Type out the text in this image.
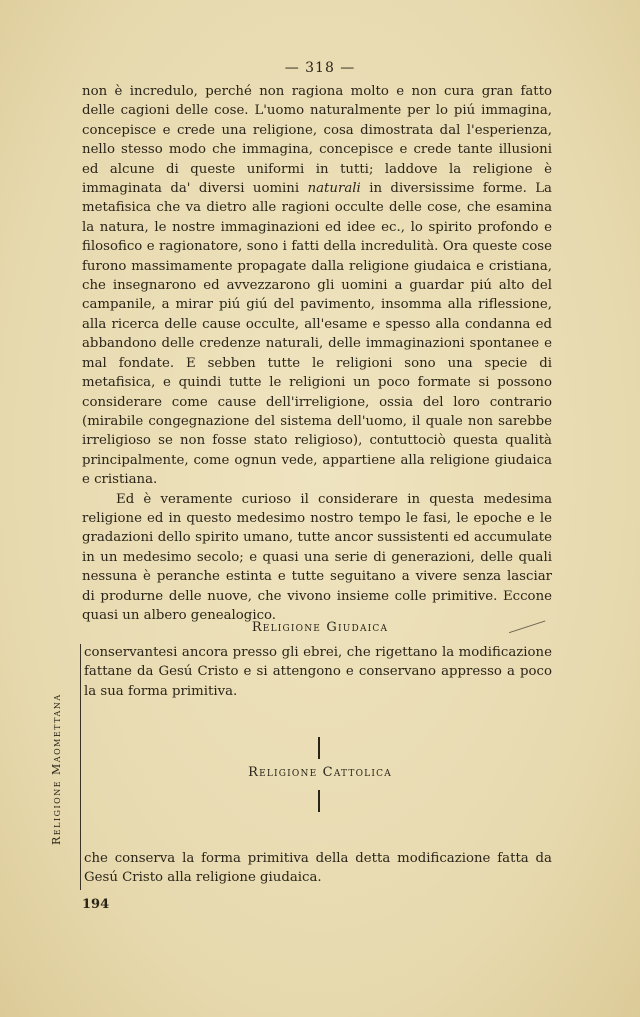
— 318 —

non è incredulo, perché non ragiona molto e non cura gran fatto delle cagioni delle cose. L'uomo naturalmente per lo piú immagina, concepisce e crede una religione, cosa dimostrata dal l'esperienza, nello stesso modo che immagina, concepisce e crede tante illusioni ed alcune di queste uniformi in tutti; laddove la religione è immaginata da' diversi uomini naturali in diversissime forme. La metafisica che va dietro alle ragioni occulte delle cose, che esamina la natura, le nostre immaginazioni ed idee ec., lo spirito profondo e filosofico e ragionatore, sono i fatti della incredulità. Ora queste cose furono massimamente propagate dalla religione giudaica e cristiana, che insegnarono ed avvezzarono gli uomini a guardar piú alto del campanile, a mirar piú giú del pavimento, insomma alla riflessione, alla ricerca delle cause occulte, all'esame e spesso alla condanna ed abbandono delle credenze naturali, delle immaginazioni spontanee e mal fondate. E sebben tutte le religioni sono una specie di metafisica, e quindi tutte le religioni un poco formate si possono considerare come cause dell'irreligione, ossia del loro contrario (mirabile congegnazione del sistema dell'uomo, il quale non sarebbe irreligioso se non fosse stato religioso), contuttociò questa qualità principalmente, come ognun vede, appartiene alla religione giudaica e cristiana.

Ed è veramente curioso il considerare in questa medesima religione ed in questo medesimo nostro tempo le fasi, le epoche e le gradazioni dello spirito umano, tutte ancor sussistenti ed accumulate in un medesimo secolo; e quasi una serie di generazioni, delle quali nessuna è peranche estinta e tutte seguitano a vivere senza lasciar di produrne delle nuove, che vivono insieme colle primitive. Eccone quasi un albero genealogico.

Religione Giudaica
conservantesi ancora presso gli ebrei, che rigettano la modificazione fattane da Gesú Cristo e si attengono e conservano appresso a poco la sua forma primitiva.
Religione Cattolica
Religione Maomettana
che conserva la forma primitiva della detta modificazione fatta da Gesú Cristo alla religione giudaica.
194
